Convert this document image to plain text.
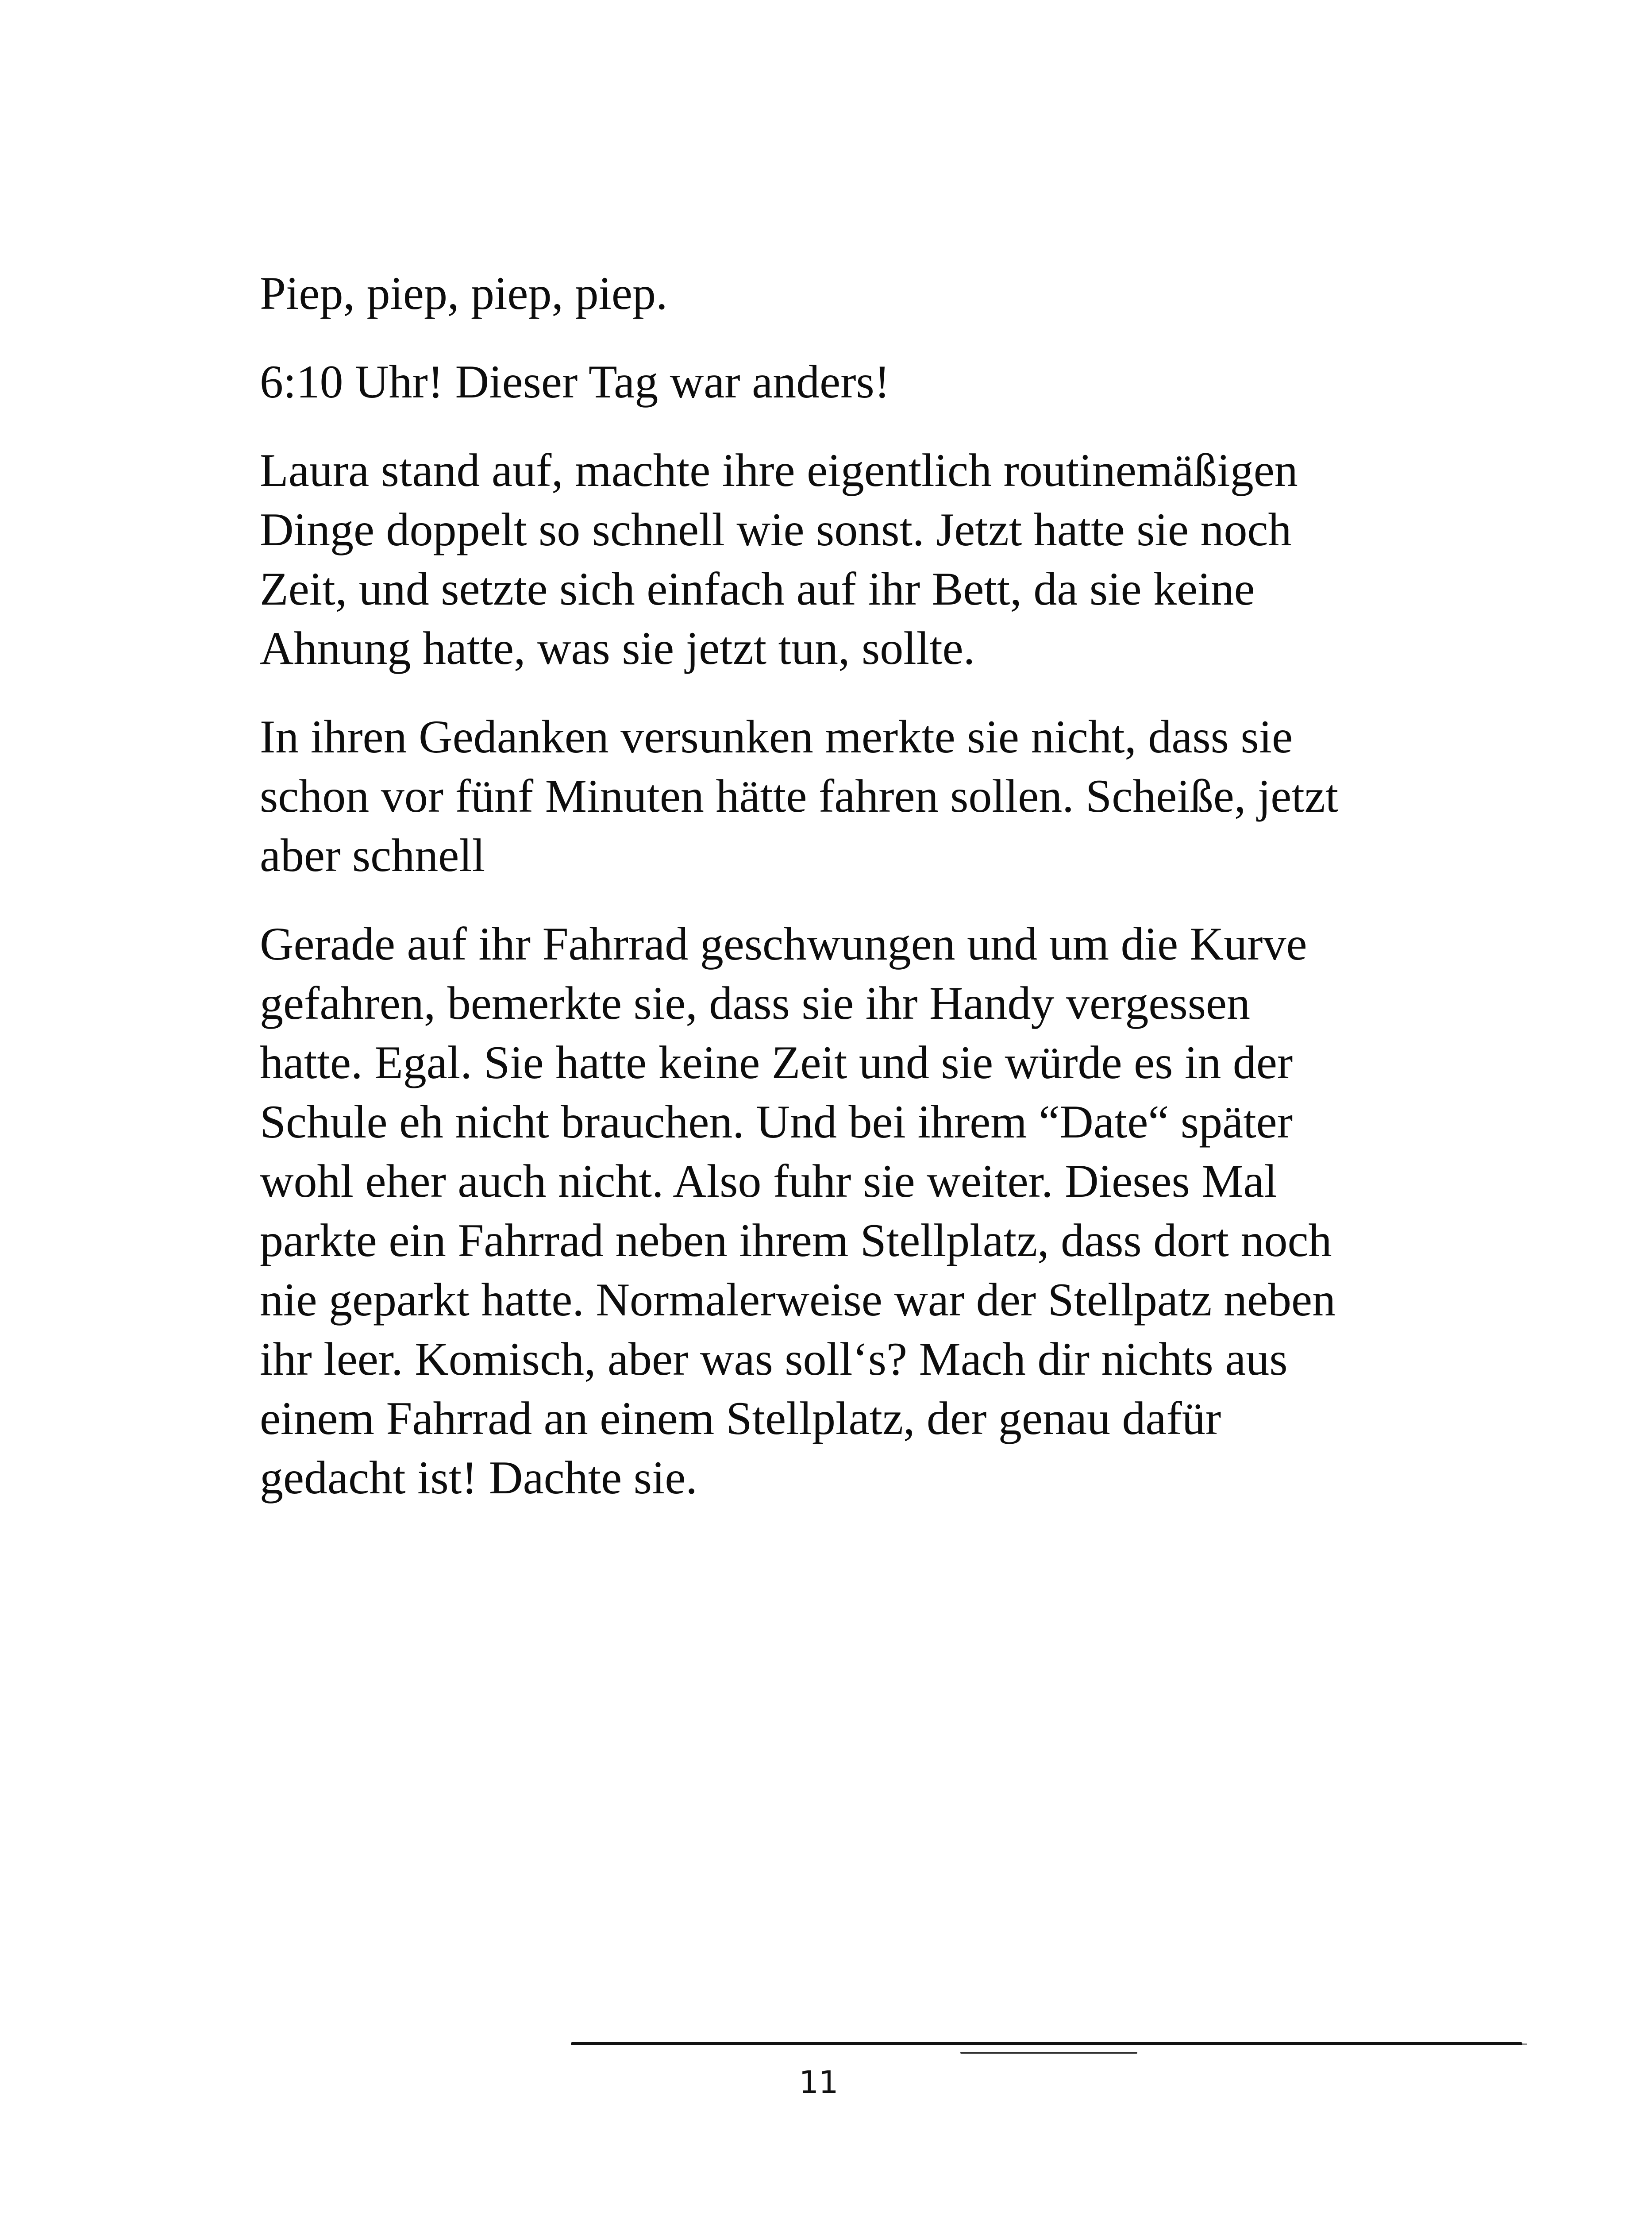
Piep, piep, piep, piep.

6:10 Uhr! Dieser Tag war anders!

Laura stand auf, machte ihre eigentlich routinemäßigen
Dinge doppelt so schnell wie sonst. Jetzt hatte sie noch
Zeit, und setzte sich einfach auf ihr Bett, da sie keine
Ahnung hatte, was sie jetzt tun, sollte.

In ihren Gedanken versunken merkte sie nicht, dass sie
schon vor fünf Minuten hätte fahren sollen. Scheiße, jetzt
aber schnell

Gerade auf ihr Fahrrad geschwungen und um die Kurve
gefahren, bemerkte sie, dass sie ihr Handy vergessen
hatte. Egal. Sie hatte keine Zeit und sie würde es in der
Schule eh nicht brauchen. Und bei ihrem “Date“ später
wohl eher auch nicht. Also fuhr sie weiter. Dieses Mal
parkte ein Fahrrad neben ihrem Stellplatz, dass dort noch
nie geparkt hatte. Normalerweise war der Stellpatz neben
ihr leer. Komisch, aber was soll‘s? Mach dir nichts aus
einem Fahrrad an einem Stellplatz, der genau dafür
gedacht ist! Dachte sie.

11
